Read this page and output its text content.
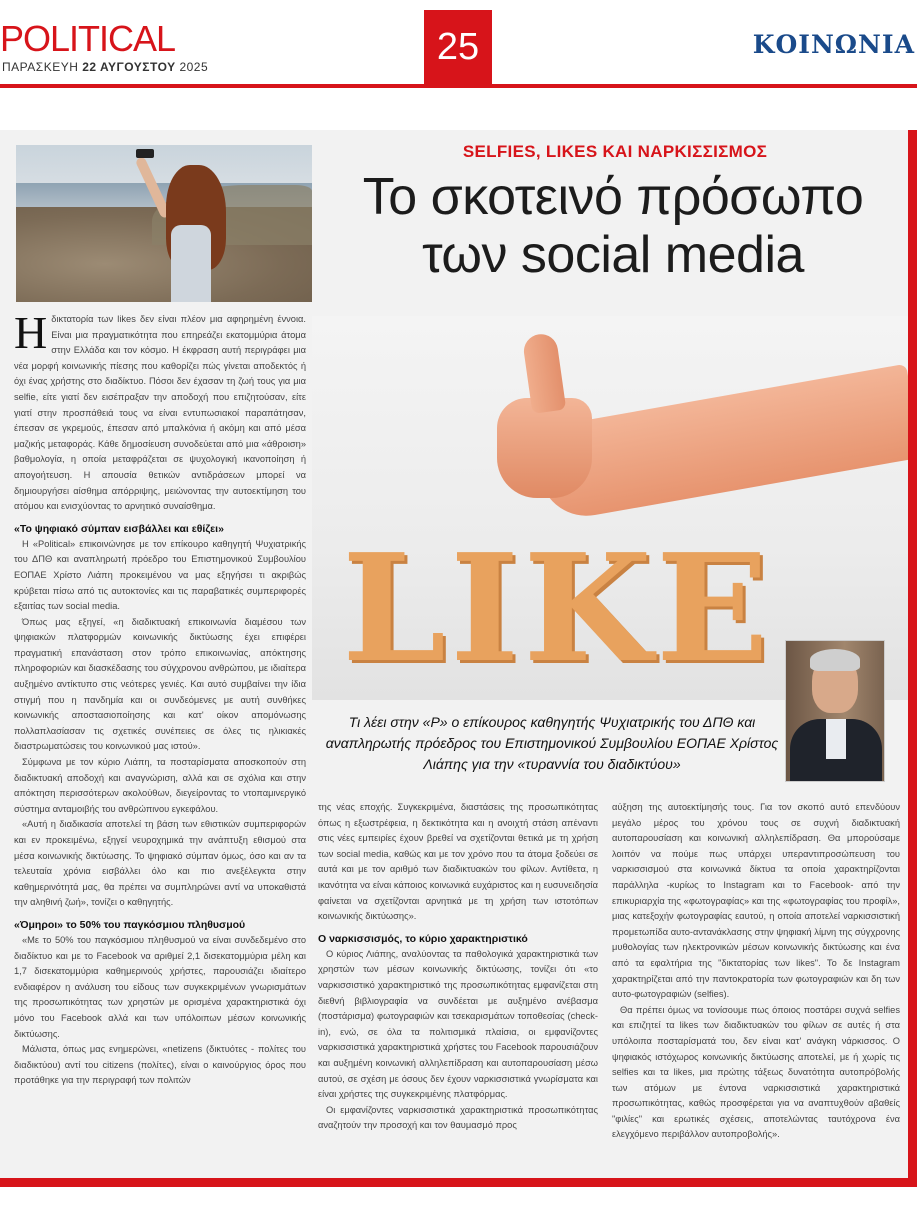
POLITICAL
ΠΑΡΑΣΚΕΥΗ 22 ΑΥΓΟΥΣΤΟΥ 2025	25	ΚΟΙΝΩΝΙΑ
SELFIES, LIKES ΚΑΙ ΝΑΡΚΙΣΣΙΣΜΟΣ
Το σκοτεινό πρόσωπο
των social media
LIKE
Τι λέει στην «Ρ» ο επίκουρος καθηγητής Ψυχιατρικής του ΔΠΘ και αναπληρωτής πρόεδρος του Επιστημονικού Συμβουλίου ΕΟΠΑΕ Χρίστος Λιάπης για την «τυραννία του διαδικτύου»

Ηδικτατορία των likes δεν είναι πλέον μια αφηρημένη έννοια. Είναι μια πραγματικότητα που επηρεάζει εκατομμύρια άτομα στην Ελλάδα και τον κόσμο. Η έκφραση αυτή περιγράφει μια νέα μορφή κοινωνικής πίεσης που καθορίζει πώς γίνεται αποδεκτός ή όχι ένας χρήστης στο διαδίκτυο. Πόσοι δεν έχασαν τη ζωή τους για μια selfie, είτε γιατί δεν εισέπραξαν την αποδοχή που επιζητούσαν, είτε γιατί στην προσπάθειά τους να είναι εντυπωσιακοί παραπάτησαν, έπεσαν σε γκρεμούς, έπεσαν από μπαλκόνια ή ακόμη και από μέσα μαζικής μεταφοράς. Κάθε δημοσίευση συνοδεύεται από μια «άθροιση» βαθμολογία, η οποία μεταφράζεται σε ψυχολογική ικανοποίηση ή απογοήτευση. Η απουσία θετικών αντιδράσεων μπορεί να δημιουργήσει αίσθημα απόρριψης, μειώνοντας την αυτοεκτίμηση του ατόμου και ενισχύοντας το αρνητικό συναίσθημα.

«Το ψηφιακό σύμπαν εισβάλλει και εθίζει»

Η «Political» επικοινώνησε με τον επίκουρο καθηγητή Ψυχιατρικής του ΔΠΘ και αναπληρωτή πρόεδρο του Επιστημονικού Συμβουλίου ΕΟΠΑΕ Χρίστο Λιάπη προκειμένου να μας εξηγήσει τι ακριβώς κρύβεται πίσω από τις αυτοκτονίες και τις παραβατικές συμπεριφορές εξαιτίας των social media.

Όπως μας εξηγεί, «η διαδικτυακή επικοινωνία διαμέσου των ψηφιακών πλατφορμών κοινωνικής δικτύωσης έχει επιφέρει πραγματική επανάσταση στον τρόπο επικοινωνίας, απόκτησης πληροφοριών και διασκέδασης του σύγχρονου ανθρώπου, με ιδιαίτερα αυξημένο αντίκτυπο στις νεότερες γενιές. Και αυτό συμβαίνει την ίδια στιγμή που η πανδημία και οι συνδεόμενες με αυτή συνθήκες κοινωνικής αποστασιοποίησης και κατ' οίκον απομόνωσης πολλαπλασίασαν τις σχετικές συνέπειες σε όλες τις ηλικιακές διαστρωματώσεις του κοινωνικού μας ιστού».

Σύμφωνα με τον κύριο Λιάπη, τα ποσταρίσματα αποσκοπούν στη διαδικτυακή αποδοχή και αναγνώριση, αλλά και σε σχόλια και στην απόκτηση περισσότερων ακολούθων, διεγείροντας το ντοπαμινεργικό σύστημα ανταμοιβής του ανθρώπινου εγκεφάλου.

«Αυτή η διαδικασία αποτελεί τη βάση των εθιστικών συμπεριφορών και εν προκειμένω, εξηγεί νευροχημικά την ανάπτυξη εθισμού στα μέσα κοινωνικής δικτύωσης. Το ψηφιακό σύμπαν όμως, όσο και αν τα τελευταία χρόνια εισβάλλει όλο και πιο ανεξέλεγκτα στην καθημερινότητά μας, θα πρέπει να συμπληρώνει αντί να υποκαθιστά την αληθινή ζωή», τονίζει ο καθηγητής.

«Όμηροι» το 50% του παγκόσμιου πληθυσμού

«Με το 50% του παγκόσμιου πληθυσμού να είναι συνδεδεμένο στο διαδίκτυο και με το Facebook να αριθμεί 2,1 δισεκατομμύρια μέλη και 1,7 δισεκατομμύρια καθημερινούς χρήστες, παρουσιάζει ιδιαίτερο ενδιαφέρον η ανάλυση του είδους των συγκεκριμένων γνωρισμάτων της προσωπικότητας των χρηστών με ορισμένα χαρακτηριστικά όχι μόνο του Facebook αλλά και των υπόλοιπων μέσων κοινωνικής δικτύωσης.

Μάλιστα, όπως μας ενημερώνει, «netizens (δικτυότες - πολίτες του διαδικτύου) αντί του citizens (πολίτες), είναι ο καινούργιος όρος που προτάθηκε για την περιγραφή των πολιτών

της νέας εποχής. Συγκεκριμένα, διαστάσεις της προσωπικότητας όπως η εξωστρέφεια, η δεκτικότητα και η ανοιχτή στάση απέναντι στις νέες εμπειρίες έχουν βρεθεί να σχετίζονται θετικά με τη χρήση των social media, καθώς και με τον χρόνο που τα άτομα ξοδεύει σε αυτά και με τον αριθμό των διαδικτυακών του φίλων. Αντίθετα, η ικανότητα να είναι κάποιος κοινωνικά ευχάριστος και η ευσυνειδησία φαίνεται να σχετίζονται αρνητικά με τη χρήση των ιστοτόπων κοινωνικής δικτύωσης».

Ο ναρκισσισμός, το κύριο χαρακτηριστικό

Ο κύριος Λιάπης, αναλύοντας τα παθολογικά χαρακτηριστικά των χρηστών των μέσων κοινωνικής δικτύωσης, τονίζει ότι «το ναρκισσιστικό χαρακτηριστικό της προσωπικότητας εμφανίζεται στη διεθνή βιβλιογραφία να συνδέεται με αυξημένο ανέβασμα (ποστάρισμα) φωτογραφιών και τσεκαρισμάτων τοποθεσίας (check-in), ενώ, σε όλα τα πολιτισμικά πλαίσια, οι εμφανίζοντες ναρκισσιστικά χαρακτηριστικά χρήστες του Facebook παρουσιάζουν και αυξημένη κοινωνική αλληλεπίδραση και αυτοπαρουσίαση μέσω αυτού, σε σχέση με όσους δεν έχουν ναρκισσιστικά γνωρίσματα και είναι χρήστες της συγκεκριμένης πλατφόρμας.

Οι εμφανίζοντες ναρκισσιστικά χαρακτηριστικά προσωπικότητας αναζητούν την προσοχή και τον θαυμασμό προς

αύξηση της αυτοεκτίμησής τους. Για τον σκοπό αυτό επενδύουν μεγάλο μέρος του χρόνου τους σε συχνή διαδικτυακή αυτοπαρουσίαση και κοινωνική αλληλεπίδραση. Θα μπορούσαμε λοιπόν να πούμε πως υπάρχει υπεραντιπροσώπευση του ναρκισσισμού στα κοινωνικά δίκτυα τα οποία χαρακτηρίζονται παράλληλα -κυρίως το Instagram και το Facebook- από την επικυριαρχία της «φωτογραφίας» και της «φωτογραφίας του προφίλ», μιας κατεξοχήν φωτογραφίας εαυτού, η οποία αποτελεί ναρκισσιστική προμετωπίδα αυτο-αντανάκλασης στην ψηφιακή λίμνη της σύγχρονης μυθολογίας των ηλεκτρονικών μέσων κοινωνικής δικτύωσης και ένα από τα εφαλτήρια της "δικτατορίας των likes". Το δε Instagram χαρακτηρίζεται από την παντοκρατορία των φωτογραφιών και δη των αυτο-φωτογραφιών (selfies).

Θα πρέπει όμως να τονίσουμε πως όποιος ποστάρει συχνά selfies και επιζητεί τα likes των διαδικτυακών του φίλων σε αυτές ή στα υπόλοιπα ποσταρίσματά του, δεν είναι κατ' ανάγκη νάρκισσος. Ο ψηφιακός ιστόχωρος κοινωνικής δικτύωσης αποτελεί, με ή χωρίς τις selfies και τα likes, μια πρώτης τάξεως δυνατότητα αυτοπρόβολής των ατόμων με έντονα ναρκισσιστικά χαρακτηριστικά προσωπικότητας, καθώς προσφέρεται για να αναπτυχθούν αβαθείς "φιλίες" και ερωτικές σχέσεις, αποτελώντας ταυτόχρονα ένα ελεγχόμενο περιβάλλον αυτοπροβολής».
